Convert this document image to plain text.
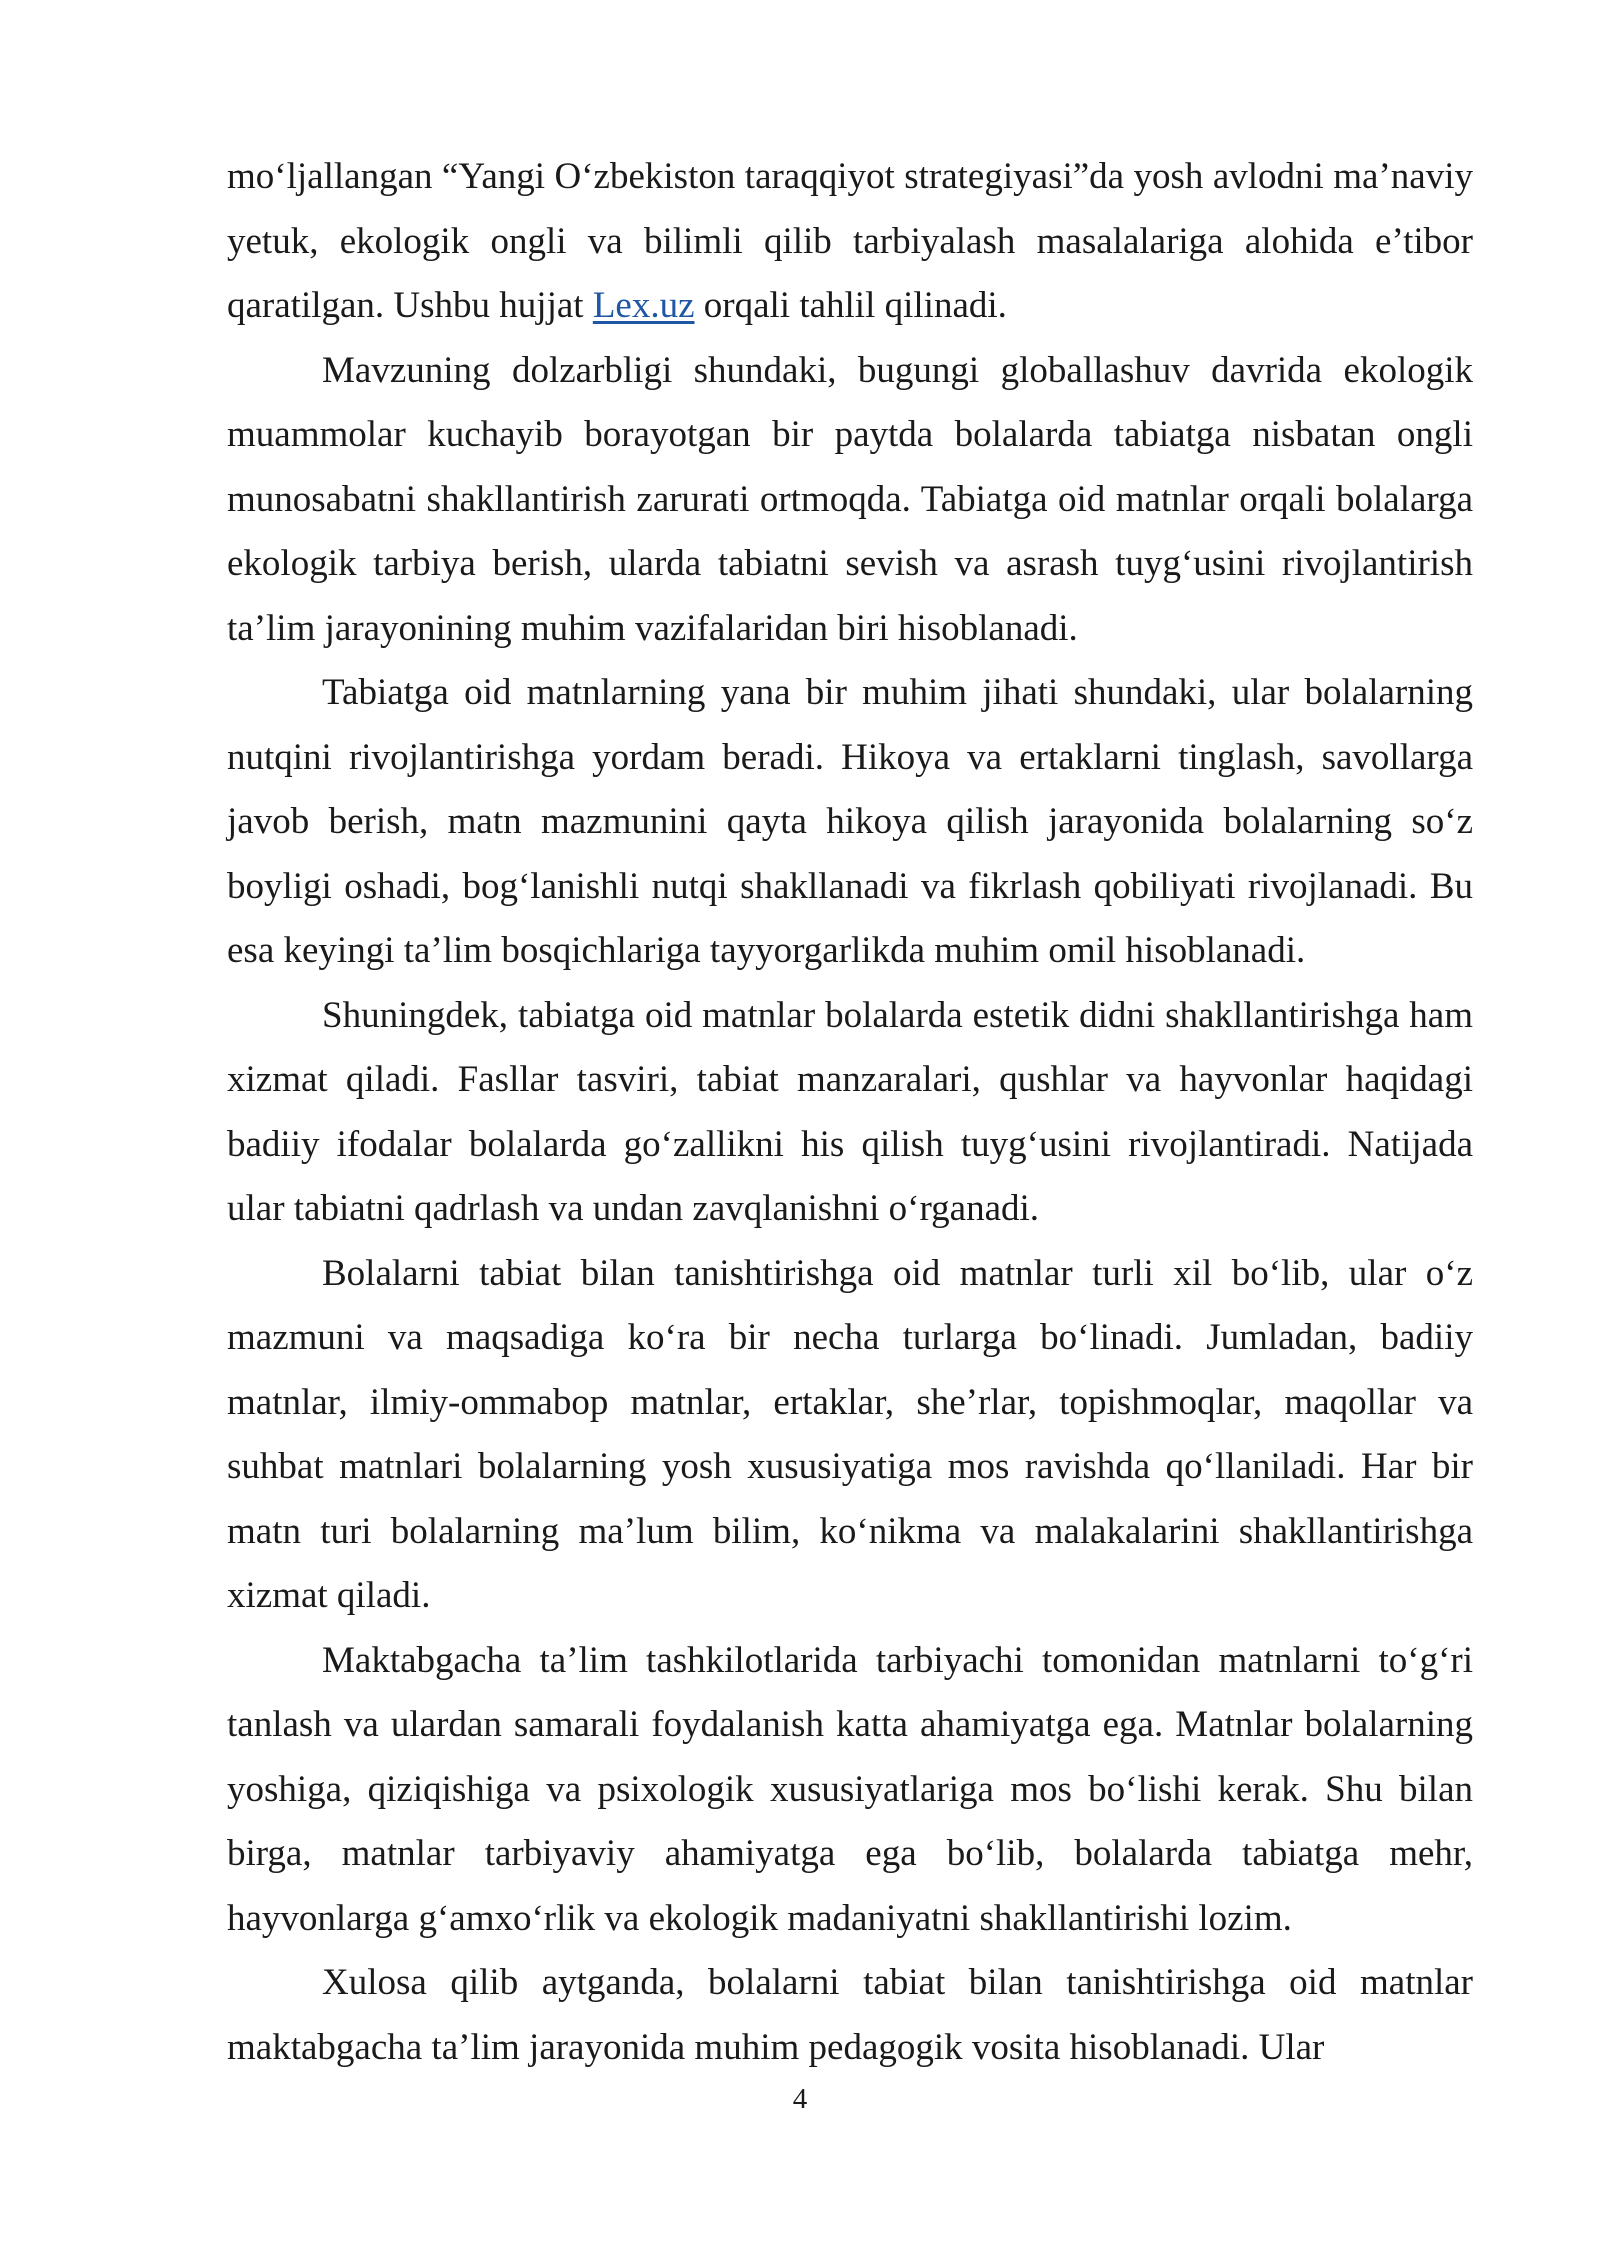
mo‘ljallangan “Yangi O‘zbekiston taraqqiyot strategiyasi”da yosh avlodni ma’naviy yetuk, ekologik ongli va bilimli qilib tarbiyalash masalalariga alohida e’tibor qaratilgan. Ushbu hujjat Lex.uz orqali tahlil qilinadi.

Mavzuning dolzarbligi shundaki, bugungi globallashuv davrida ekologik muammolar kuchayib borayotgan bir paytda bolalarda tabiatga nisbatan ongli munosabatni shakllantirish zarurati ortmoqda. Tabiatga oid matnlar orqali bolalarga ekologik tarbiya berish, ularda tabiatni sevish va asrash tuyg‘usini rivojlantirish ta’lim jarayonining muhim vazifalaridan biri hisoblanadi.

Tabiatga oid matnlarning yana bir muhim jihati shundaki, ular bolalarning nutqini rivojlantirishga yordam beradi. Hikoya va ertaklarni tinglash, savollarga javob berish, matn mazmunini qayta hikoya qilish jarayonida bolalarning so‘z boyligi oshadi, bog‘lanishli nutqi shakllanadi va fikrlash qobiliyati rivojlanadi. Bu esa keyingi ta’lim bosqichlariga tayyorgarlikda muhim omil hisoblanadi.

Shuningdek, tabiatga oid matnlar bolalarda estetik didni shakllantirishga ham xizmat qiladi. Fasllar tasviri, tabiat manzaralari, qushlar va hayvonlar haqidagi badiiy ifodalar bolalarda go‘zallikni his qilish tuyg‘usini rivojlantiradi. Natijada ular tabiatni qadrlash va undan zavqlanishni o‘rganadi.

Bolalarni tabiat bilan tanishtirishga oid matnlar turli xil bo‘lib, ular o‘z mazmuni va maqsadiga ko‘ra bir necha turlarga bo‘linadi. Jumladan, badiiy matnlar, ilmiy-ommabop matnlar, ertaklar, she’rlar, topishmoqlar, maqollar va suhbat matnlari bolalarning yosh xususiyatiga mos ravishda qo‘llaniladi. Har bir matn turi bolalarning ma’lum bilim, ko‘nikma va malakalarini shakllantirishga xizmat qiladi.

Maktabgacha ta’lim tashkilotlarida tarbiyachi tomonidan matnlarni to‘g‘ri tanlash va ulardan samarali foydalanish katta ahamiyatga ega. Matnlar bolalarning yoshiga, qiziqishiga va psixologik xususiyatlariga mos bo‘lishi kerak. Shu bilan birga, matnlar tarbiyaviy ahamiyatga ega bo‘lib, bolalarda tabiatga mehr, hayvonlarga g‘amxo‘rlik va ekologik madaniyatni shakllantirishi lozim.

Xulosa qilib aytganda, bolalarni tabiat bilan tanishtirishga oid matnlar maktabgacha ta’lim jarayonida muhim pedagogik vosita hisoblanadi. Ular

4
